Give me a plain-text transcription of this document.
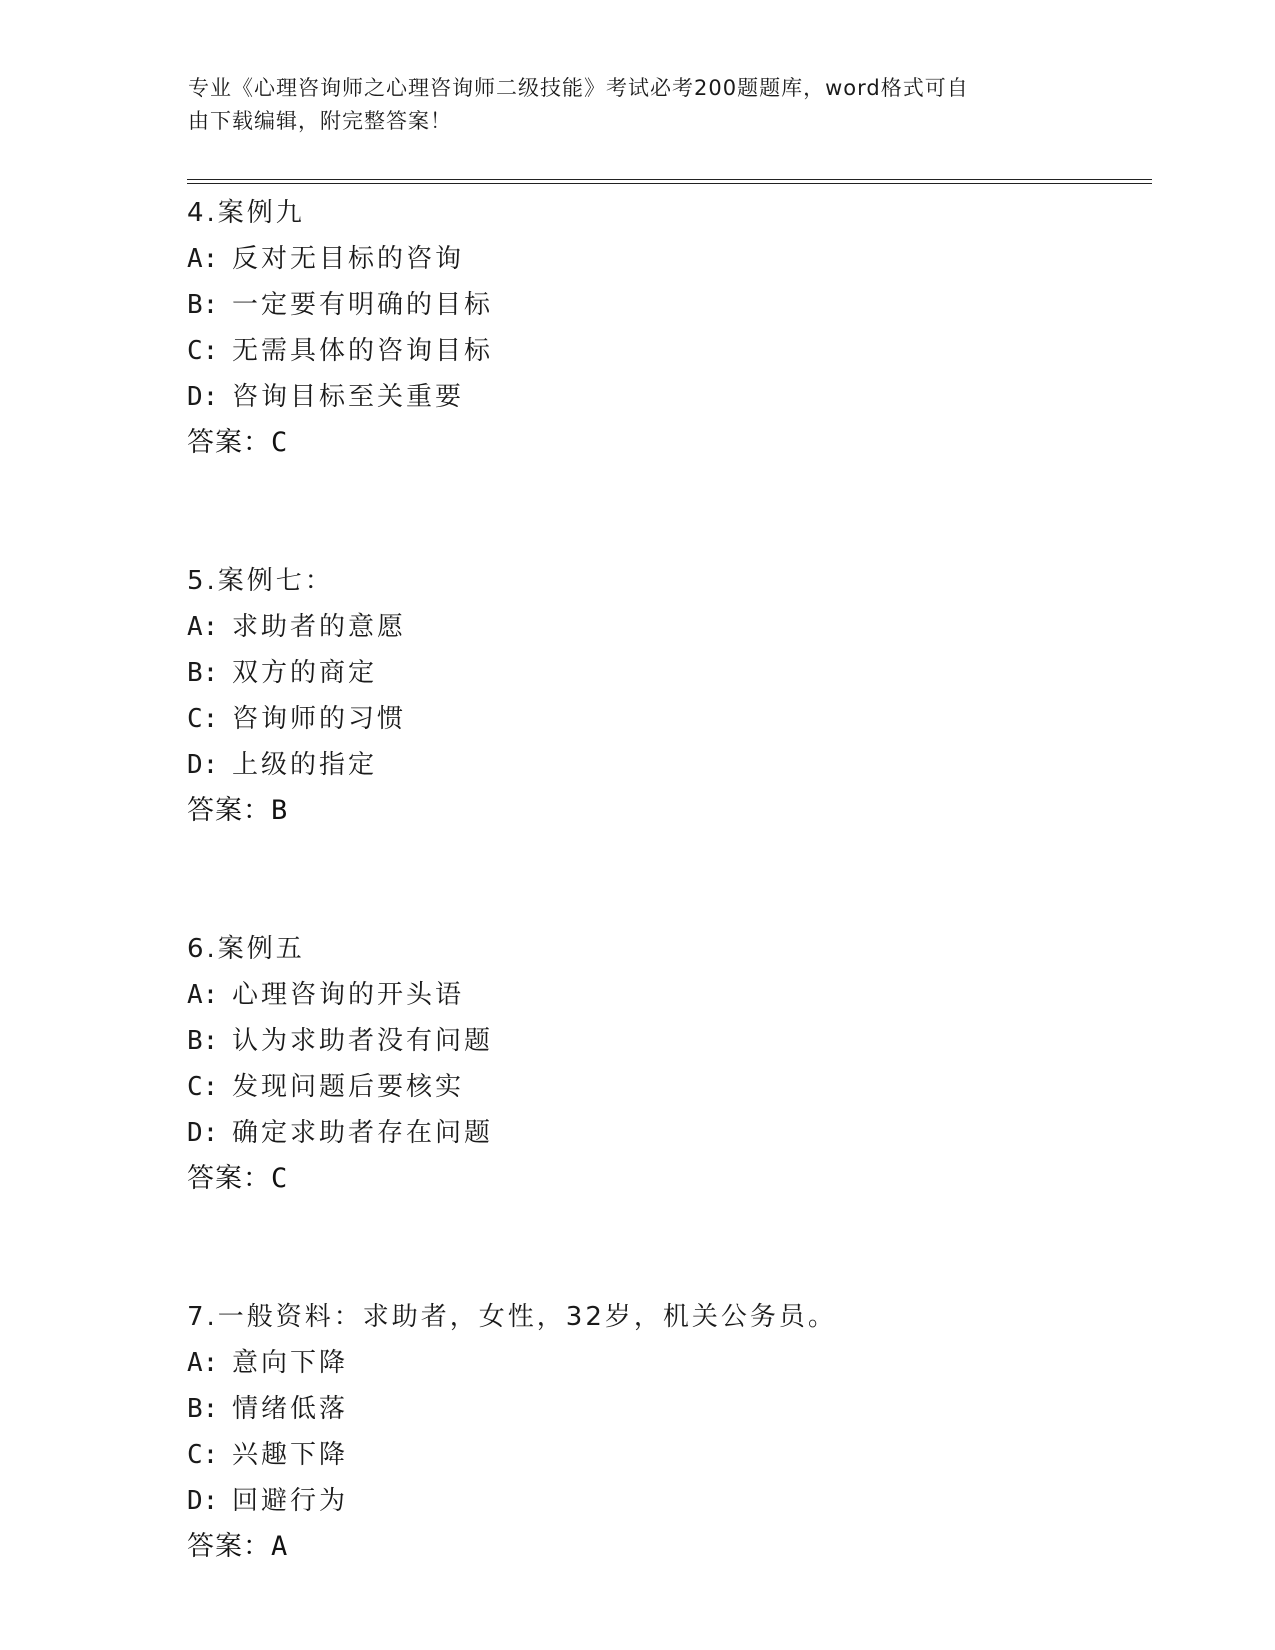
专业《心理咨询师之心理咨询师二级技能》考试必考200题题库，word格式可自
由下载编辑，附完整答案！
4.案例九
A: 反对无目标的咨询
B: 一定要有明确的目标
C: 无需具体的咨询目标
D: 咨询目标至关重要
答案：C
5.案例七：
A: 求助者的意愿
B: 双方的商定
C: 咨询师的习惯
D: 上级的指定
答案：B
6.案例五
A: 心理咨询的开头语
B: 认为求助者没有问题
C: 发现问题后要核实
D: 确定求助者存在问题
答案：C
7.一般资料：求助者，女性，32岁，机关公务员。
A: 意向下降
B: 情绪低落
C: 兴趣下降
D: 回避行为
答案：A
